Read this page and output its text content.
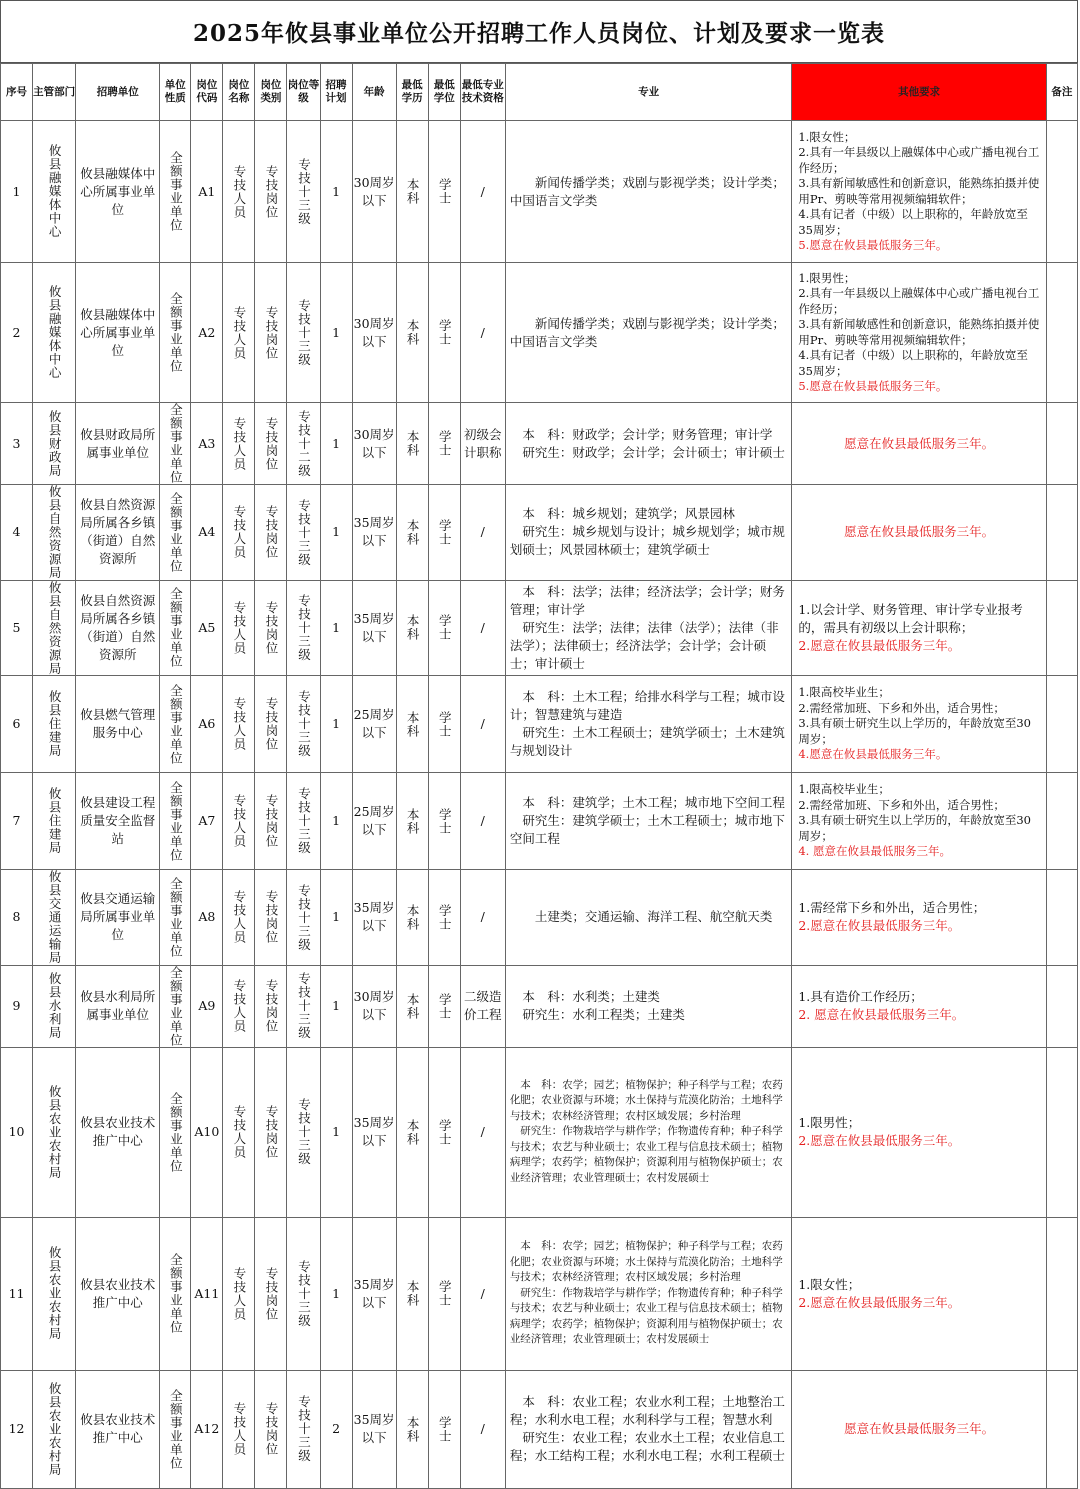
2025年攸县事业单位公开招聘工作人员岗位、计划及要求一览表
序号	主管部门	招聘单位	单位性质	岗位代码	岗位名称	岗位类别	岗位等级	招聘计划	年龄	最低学历	最低学位	最低专业技术资格	专业	其他要求	备注
1	攸县融媒体中心	攸县融媒体中心所属事业单位	全额事业单位	A1	专技人员	专技岗位	专技十三级	1	30周岁以下	本科	学士	/	　　新闻传播学类；戏剧与影视学类；设计学类；中国语言文学类	1.限女性；
2.具有一年县级以上融媒体中心或广播电视台工作经历；
3.具有新闻敏感性和创新意识，能熟练拍摄并使用Pr、剪映等常用视频编辑软件；
4.具有记者（中级）以上职称的，年龄放宽至35周岁；
5.愿意在攸县最低服务三年。	

2	攸县融媒体中心	攸县融媒体中心所属事业单位	全额事业单位	A2	专技人员	专技岗位	专技十三级	1	30周岁以下	本科	学士	/	　　新闻传播学类；戏剧与影视学类；设计学类；中国语言文学类	1.限男性；
2.具有一年县级以上融媒体中心或广播电视台工作经历；
3.具有新闻敏感性和创新意识，能熟练拍摄并使用Pr、剪映等常用视频编辑软件；
4.具有记者（中级）以上职称的，年龄放宽至35周岁；
5.愿意在攸县最低服务三年。	

3	攸县财政局	攸县财政局所属事业单位	全额事业单位	A3	专技人员	专技岗位	专技十二级	1	30周岁以下	本科	学士	初级会计职称	　本　科：财政学；会计学；财务管理；审计学
　研究生：财政学；会计学；会计硕士；审计硕士	愿意在攸县最低服务三年。	

4	攸县自然资源局	攸县自然资源局所属各乡镇（街道）自然资源所	全额事业单位	A4	专技人员	专技岗位	专技十三级	1	35周岁以下	本科	学士	/	　本　科：城乡规划；建筑学；风景园林
　研究生：城乡规划与设计；城乡规划学；城市规划硕士；风景园林硕士；建筑学硕士	愿意在攸县最低服务三年。	

5	攸县自然资源局	攸县自然资源局所属各乡镇（街道）自然资源所	全额事业单位	A5	专技人员	专技岗位	专技十三级	1	35周岁以下	本科	学士	/	　本　科：法学；法律；经济法学；会计学；财务管理；审计学
　研究生：法学；法律；法律（法学）；法律（非法学）；法律硕士；经济法学；会计学；会计硕士；审计硕士	1.以会计学、财务管理、审计学专业报考的，需具有初级以上会计职称；
2.愿意在攸县最低服务三年。	

6	攸县住建局	攸县燃气管理服务中心	全额事业单位	A6	专技人员	专技岗位	专技十三级	1	25周岁以下	本科	学士	/	　本　科：土木工程；给排水科学与工程；城市设计；智慧建筑与建造
　研究生：土木工程硕士；建筑学硕士；土木建筑与规划设计	1.限高校毕业生；
2.需经常加班、下乡和外出，适合男性；
3.具有硕士研究生以上学历的，年龄放宽至30周岁；
4.愿意在攸县最低服务三年。	

7	攸县住建局	攸县建设工程质量安全监督站	全额事业单位	A7	专技人员	专技岗位	专技十三级	1	25周岁以下	本科	学士	/	　本　科：建筑学；土木工程；城市地下空间工程
　研究生：建筑学硕士；土木工程硕士；城市地下空间工程	1.限高校毕业生；
2.需经常加班、下乡和外出，适合男性；
3.具有硕士研究生以上学历的，年龄放宽至30周岁；
4. 愿意在攸县最低服务三年。	

8	攸县交通运输局	攸县交通运输局所属事业单位	全额事业单位	A8	专技人员	专技岗位	专技十三级	1	35周岁以下	本科	学士	/	　　土建类；交通运输、海洋工程、航空航天类	1.需经常下乡和外出，适合男性；
2.愿意在攸县最低服务三年。	

9	攸县水利局	攸县水利局所属事业单位	全额事业单位	A9	专技人员	专技岗位	专技十三级	1	30周岁以下	本科	学士	二级造价工程	　本　科：水利类；土建类
　研究生：水利工程类；土建类	1.具有造价工作经历；
2. 愿意在攸县最低服务三年。	

10	攸县农业农村局	攸县农业技术推广中心	全额事业单位	A10	专技人员	专技岗位	专技十三级	1	35周岁以下	本科	学士	/	　本　科：农学；园艺；植物保护；种子科学与工程；农药化肥；农业资源与环境；水土保持与荒漠化防治；土地科学与技术；农林经济管理；农村区域发展；乡村治理
　研究生：作物栽培学与耕作学；作物遗传育种；种子科学与技术；农艺与种业硕士；农业工程与信息技术硕士；植物病理学；农药学；植物保护；资源利用与植物保护硕士；农业经济管理；农业管理硕士；农村发展硕士	1.限男性；
2.愿意在攸县最低服务三年。	

11	攸县农业农村局	攸县农业技术推广中心	全额事业单位	A11	专技人员	专技岗位	专技十三级	1	35周岁以下	本科	学士	/	　本　科：农学；园艺；植物保护；种子科学与工程；农药化肥；农业资源与环境；水土保持与荒漠化防治；土地科学与技术；农林经济管理；农村区域发展；乡村治理
　研究生：作物栽培学与耕作学；作物遗传育种；种子科学与技术；农艺与种业硕士；农业工程与信息技术硕士；植物病理学；农药学；植物保护；资源利用与植物保护硕士；农业经济管理；农业管理硕士；农村发展硕士	1.限女性；
2.愿意在攸县最低服务三年。	

12	攸县农业农村局	攸县农业技术推广中心	全额事业单位	A12	专技人员	专技岗位	专技十三级	2	35周岁以下	本科	学士	/	　本　科：农业工程；农业水利工程；土地整治工程；水利水电工程；水利科学与工程；智慧水利
　研究生：农业工程；农业水土工程；农业信息工程；水工结构工程；水利水电工程；水利工程硕士	愿意在攸县最低服务三年。	
